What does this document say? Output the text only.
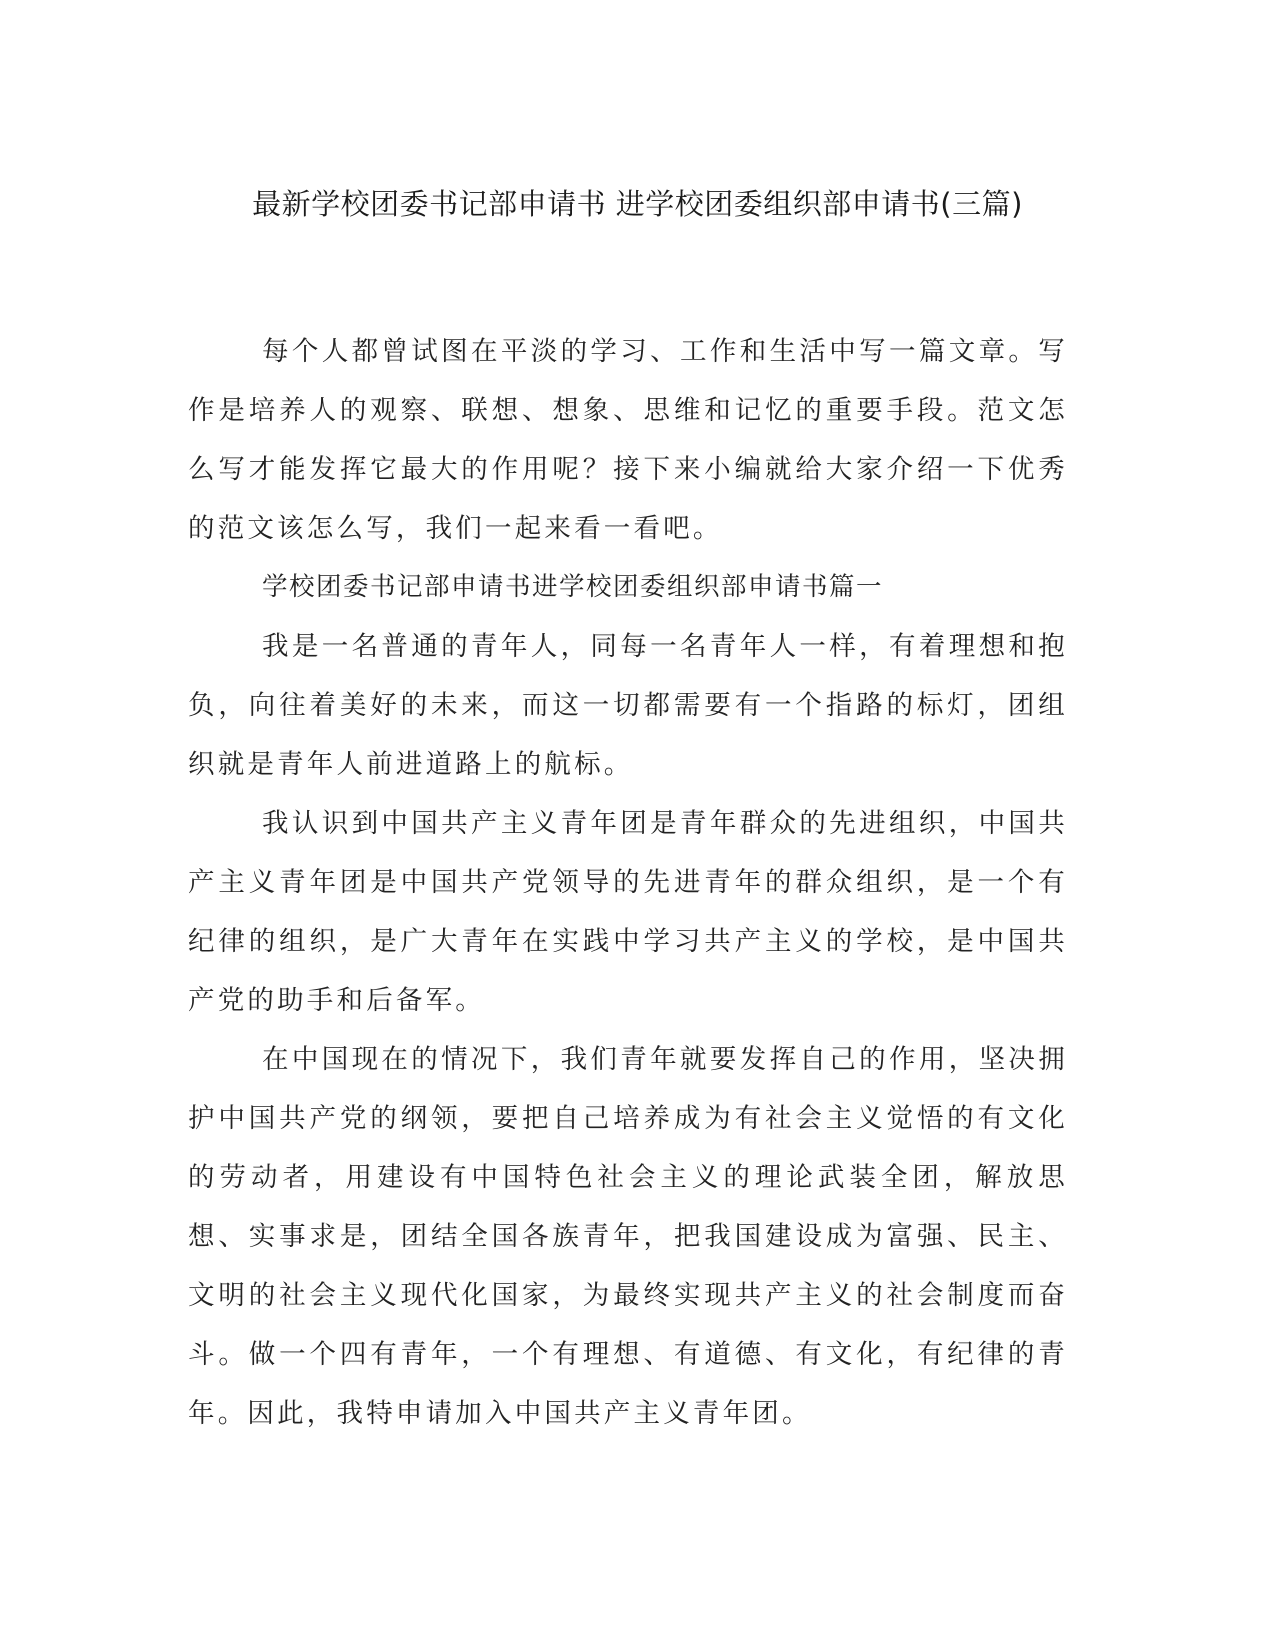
最新学校团委书记部申请书 进学校团委组织部申请书(三篇)

每个人都曾试图在平淡的学习、工作和生活中写一篇文章。写作是培养人的观察、联想、想象、思维和记忆的重要手段。范文怎么写才能发挥它最大的作用呢？接下来小编就给大家介绍一下优秀的范文该怎么写，我们一起来看一看吧。

学校团委书记部申请书进学校团委组织部申请书篇一

我是一名普通的青年人，同每一名青年人一样，有着理想和抱负，向往着美好的未来，而这一切都需要有一个指路的标灯，团组织就是青年人前进道路上的航标。

我认识到中国共产主义青年团是青年群众的先进组织，中国共产主义青年团是中国共产党领导的先进青年的群众组织，是一个有纪律的组织，是广大青年在实践中学习共产主义的学校，是中国共产党的助手和后备军。

在中国现在的情况下，我们青年就要发挥自己的作用，坚决拥护中国共产党的纲领，要把自己培养成为有社会主义觉悟的有文化的劳动者，用建设有中国特色社会主义的理论武装全团，解放思想、实事求是，团结全国各族青年，把我国建设成为富强、民主、文明的社会主义现代化国家，为最终实现共产主义的社会制度而奋斗。做一个四有青年，一个有理想、有道德、有文化，有纪律的青年。因此，我特申请加入中国共产主义青年团。
